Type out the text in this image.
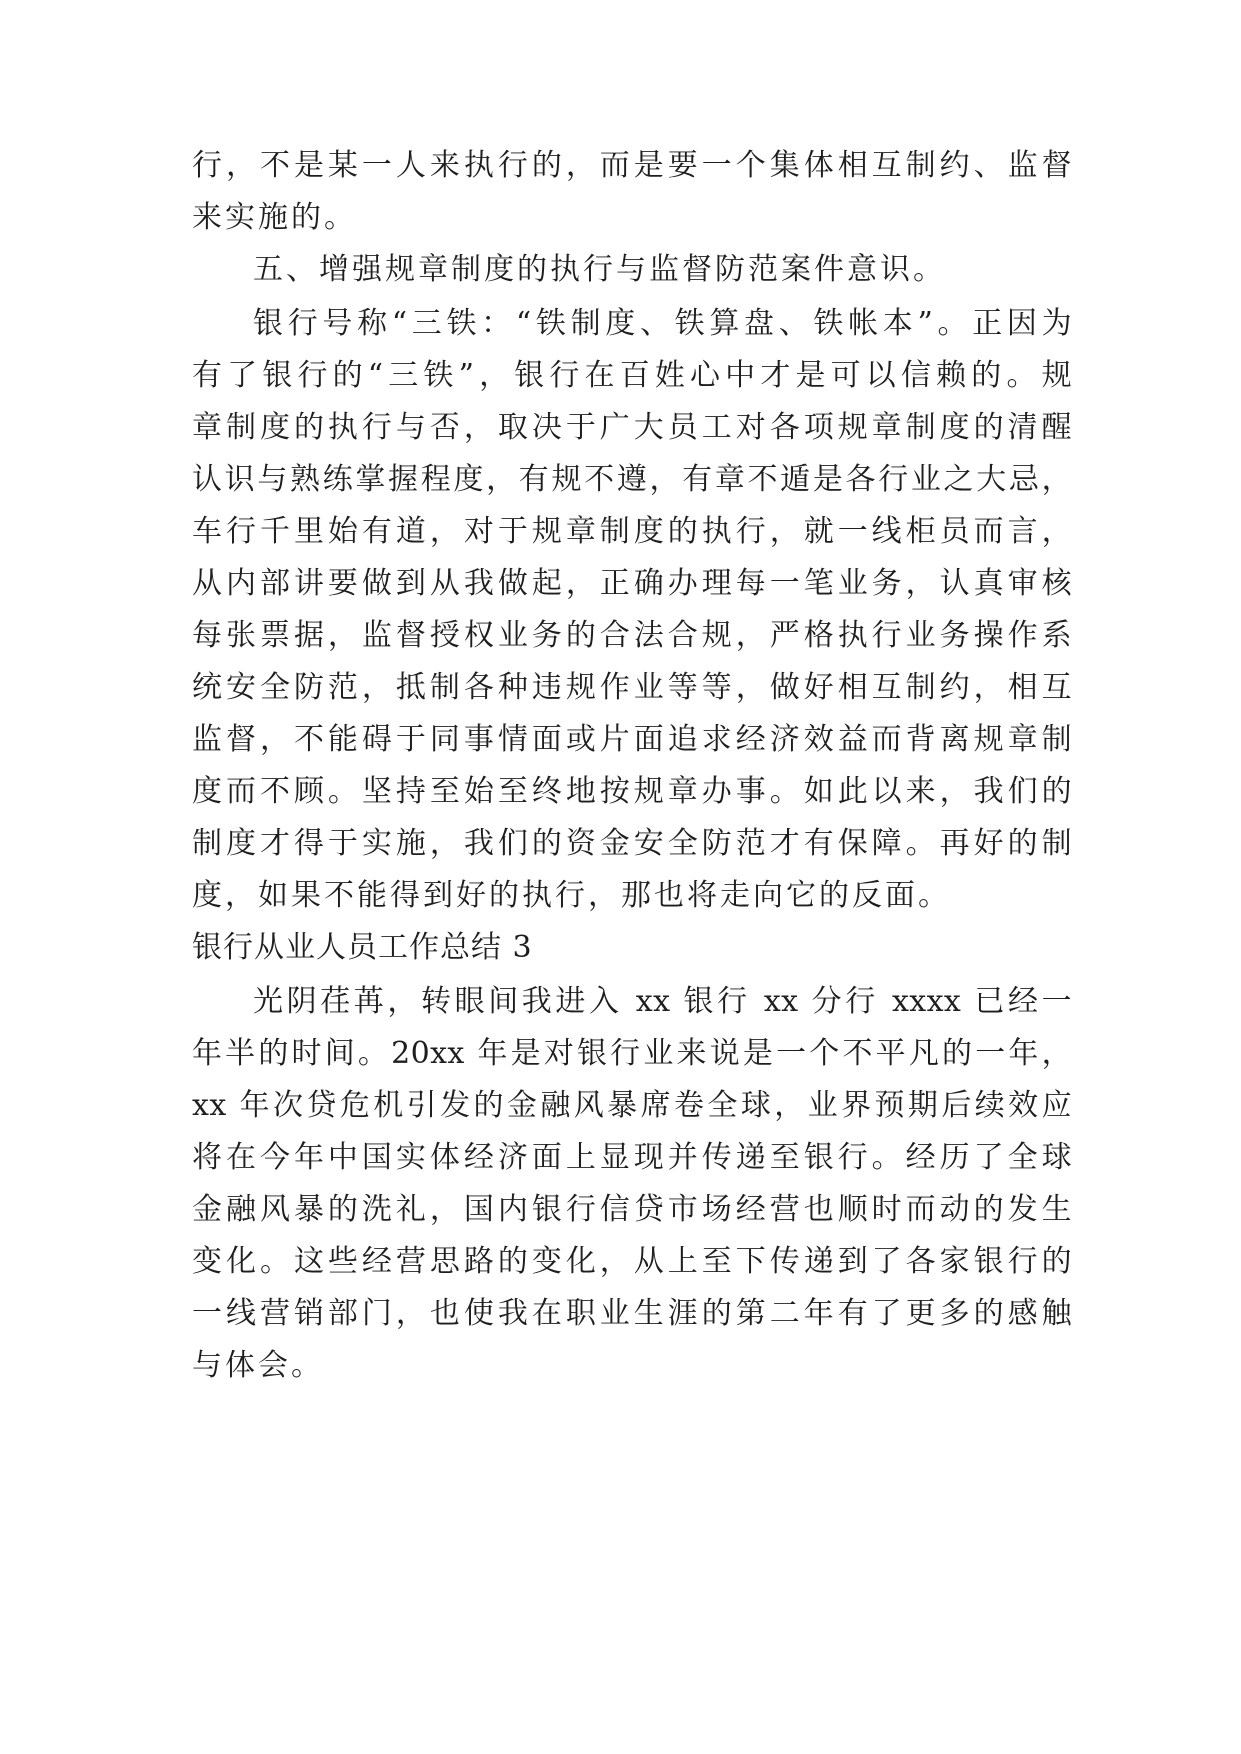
行，不是某一人来执行的，而是要一个集体相互制约、监督
来实施的。
五、增强规章制度的执行与监督防范案件意识。
银行号称“三铁：“铁制度、铁算盘、铁帐本”。正因为
有了银行的“三铁”，银行在百姓心中才是可以信赖的。规
章制度的执行与否，取决于广大员工对各项规章制度的清醒
认识与熟练掌握程度，有规不遵，有章不遁是各行业之大忌，
车行千里始有道，对于规章制度的执行，就一线柜员而言，
从内部讲要做到从我做起，正确办理每一笔业务，认真审核
每张票据，监督授权业务的合法合规，严格执行业务操作系
统安全防范，抵制各种违规作业等等，做好相互制约，相互
监督，不能碍于同事情面或片面追求经济效益而背离规章制
度而不顾。坚持至始至终地按规章办事。如此以来，我们的
制度才得于实施，我们的资金安全防范才有保障。再好的制
度，如果不能得到好的执行，那也将走向它的反面。
银行从业人员工作总结 3
光阴荏苒，转眼间我进入 xx 银行 xx 分行 xxxx 已经一
年半的时间。20xx 年是对银行业来说是一个不平凡的一年，
xx 年次贷危机引发的金融风暴席卷全球，业界预期后续效应
将在今年中国实体经济面上显现并传递至银行。经历了全球
金融风暴的洗礼，国内银行信贷市场经营也顺时而动的发生
变化。这些经营思路的变化，从上至下传递到了各家银行的
一线营销部门，也使我在职业生涯的第二年有了更多的感触
与体会。
